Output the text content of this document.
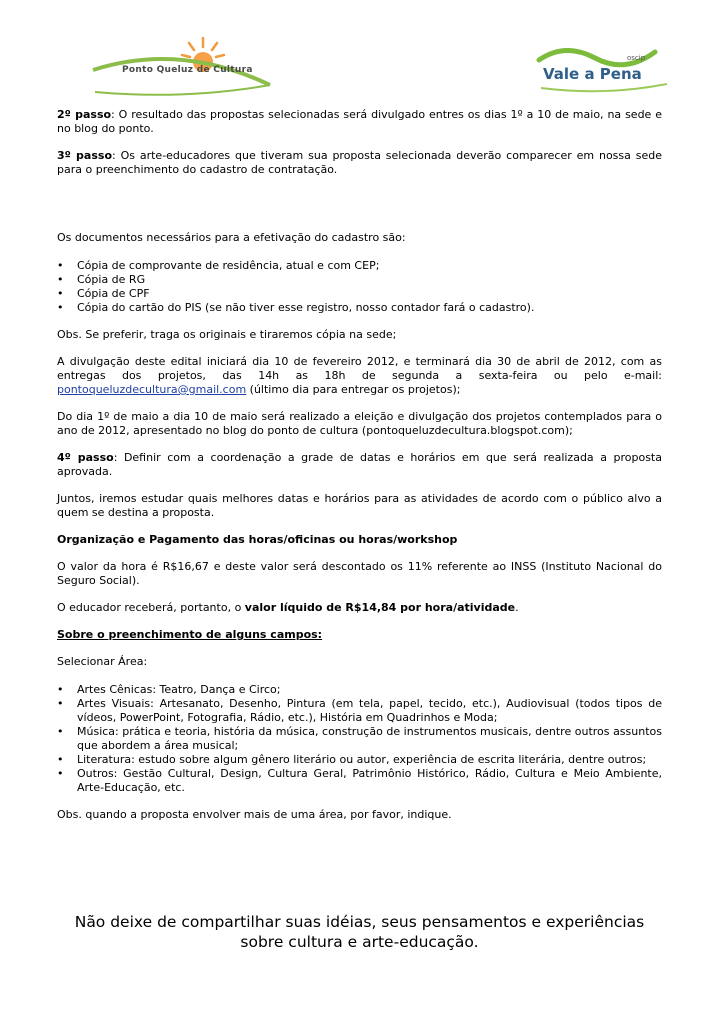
Ponto Queluz de Cultura
oscip
Vale a Pena

2º passo: O resultado das propostas selecionadas será divulgado entres os dias 1º a 10 de maio, na sede e no blog do ponto.

3º passo: Os arte-educadores que tiveram sua proposta selecionada deverão comparecer em nossa sede para o preenchimento do cadastro de contratação.

Os documentos necessários para a efetivação do cadastro são:

• Cópia de comprovante de residência, atual e com CEP;
• Cópia de RG
• Cópia de CPF
• Cópia do cartão do PIS (se não tiver esse registro, nosso contador fará o cadastro).

Obs. Se preferir, traga os originais e tiraremos cópia na sede;

A divulgação deste edital iniciará dia 10 de fevereiro 2012, e terminará dia 30 de abril de 2012, com as entregas dos projetos, das 14h as 18h de segunda a sexta-feira ou pelo e-mail: pontoqueluzdecultura@gmail.com (último dia para entregar os projetos);

Do dia 1º de maio a dia 10 de maio será realizado a eleição e divulgação dos projetos contemplados para o ano de 2012, apresentado no blog do ponto de cultura (pontoqueluzdecultura.blogspot.com);

4º passo: Definir com a coordenação a grade de datas e horários em que será realizada a proposta aprovada.

Juntos, iremos estudar quais melhores datas e horários para as atividades de acordo com o público alvo a quem se destina a proposta.

Organização e Pagamento das horas/oficinas ou horas/workshop

O valor da hora é R$16,67 e deste valor será descontado os 11% referente ao INSS (Instituto Nacional do Seguro Social).

O educador receberá, portanto, o valor líquido de R$14,84 por hora/atividade.

Sobre o preenchimento de alguns campos:

Selecionar Área:

• Artes Cênicas: Teatro, Dança e Circo;
• Artes Visuais: Artesanato, Desenho, Pintura (em tela, papel, tecido, etc.), Audiovisual (todos tipos de vídeos, PowerPoint, Fotografia, Rádio, etc.), História em Quadrinhos e Moda;
• Música: prática e teoria, história da música, construção de instrumentos musicais, dentre outros assuntos que abordem a área musical;
• Literatura: estudo sobre algum gênero literário ou autor, experiência de escrita literária, dentre outros;
• Outros: Gestão Cultural, Design, Cultura Geral, Patrimônio Histórico, Rádio, Cultura e Meio Ambiente, Arte-Educação, etc.

Obs. quando a proposta envolver mais de uma área, por favor, indique.

Não deixe de compartilhar suas idéias, seus pensamentos e experiências sobre cultura e arte-educação.
